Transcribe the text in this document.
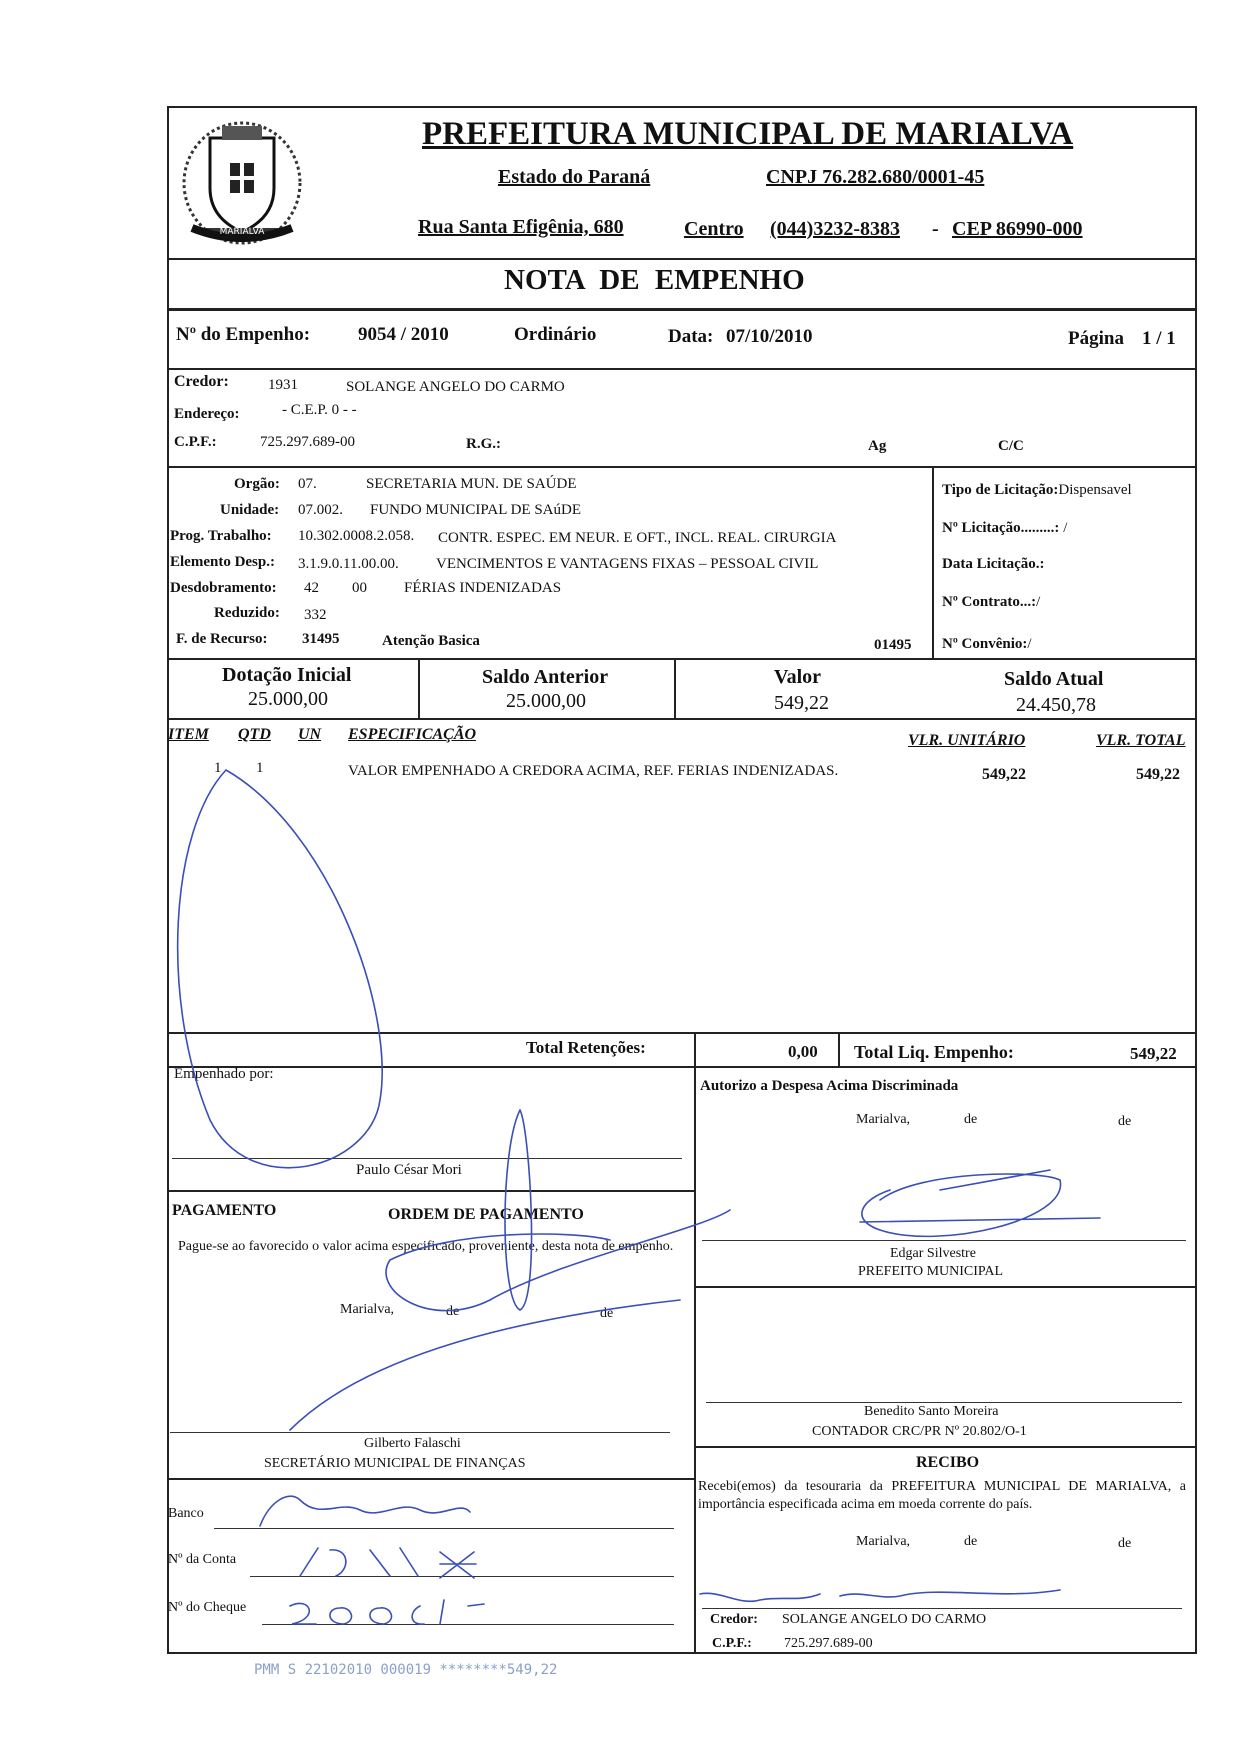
MARIALVA
PREFEITURA MUNICIPAL DE MARIALVA
Estado do Paraná	CNPJ 76.282.680/0001-45
Rua Santa Efigênia, 680	Centro (044)3232-8383 - CEP 86990-000
NOTA DE EMPENHO
Nº do Empenho:	9054 / 2010	Ordinário	Data: 07/10/2010	Página 1 / 1
Credor:	1931	SOLANGE ANGELO DO CARMO
Endereço:	- C.E.P. 0 - -
C.P.F.:	725.297.689-00	R.G.:	Ag	C/C
Orgão: 07.	SECRETARIA MUN. DE SAÚDE
Unidade: 07.002. FUNDO MUNICIPAL DE SAúDE
Prog. Trabalho: 10.302.0008.2.058. CONTR. ESPEC. EM NEUR. E OFT., INCL. REAL. CIRURGIA
Elemento Desp.: 3.1.9.0.11.00.00. VENCIMENTOS E VANTAGENS FIXAS – PESSOAL CIVIL
Desdobramento: 42 00 FÉRIAS INDENIZADAS
Reduzido: 332
F. de Recurso: 31495	Atenção Basica	01495
Tipo de Licitação:Dispensavel
Nº Licitação.........: /
Data Licitação.:
Nº Contrato...:/
Nº Convênio:/
Dotação Inicial
25.000,00
Saldo Anterior
25.000,00
Valor
549,22
Saldo Atual
24.450,78
ITEM QTD UN ESPECIFICAÇÃO	VLR. UNITÁRIO	VLR. TOTAL
1 1	VALOR EMPENHADO A CREDORA ACIMA, REF. FERIAS INDENIZADAS.	549,22	549,22
Total Retenções:	0,00 Total Liq. Empenho:	549,22
Empenhado por:
Paulo César Mori
Autorizo a Despesa Acima Discriminada
Marialva,	de	de
Edgar Silvestre
PREFEITO MUNICIPAL
Benedito Santo Moreira
CONTADOR CRC/PR Nº 20.802/O-1
PAGAMENTO	ORDEM DE PAGAMENTO
Pague-se ao favorecido o valor acima especificado, proveniente, desta nota de empenho.
Marialva,	de	de
Gilberto Falaschi
SECRETÁRIO MUNICIPAL DE FINANÇAS
Banco
Nº da Conta
Nº do Cheque
RECIBO
Recebi(emos) da tesouraria da PREFEITURA MUNICIPAL DE MARIALVA, a importância especificada acima em moeda corrente do país.
Marialva,	de	de
Credor: SOLANGE ANGELO DO CARMO
C.P.F.: 725.297.689-00
PMM S 22102010 000019 ********549,22
